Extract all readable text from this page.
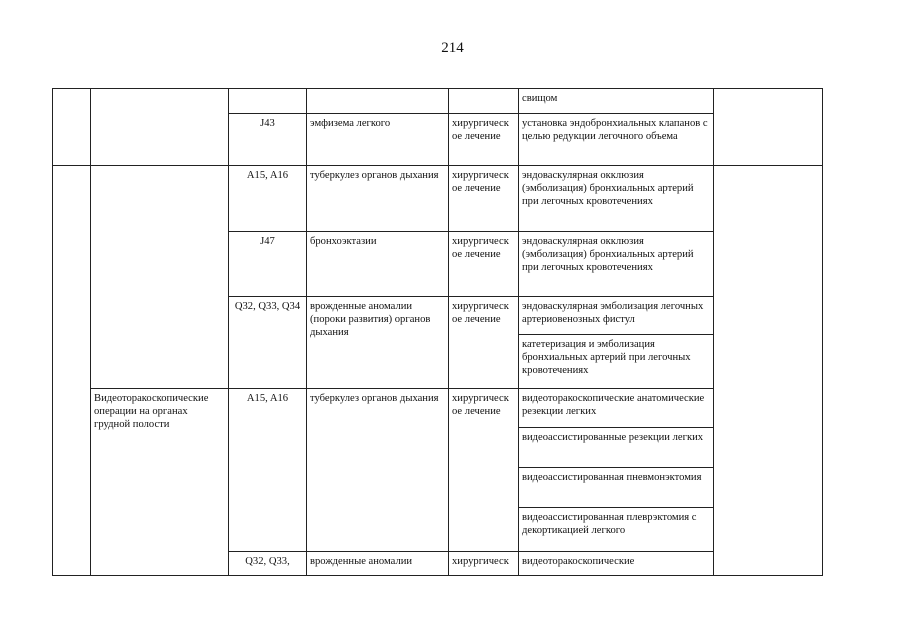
214

					свищом	

		J43	эмфизема легкого	хирургическ ое лечение	установка эндобронхиальных клапанов с целью редукции легочного объема	

		A15, A16	туберкулез органов дыхания	хирургическ ое лечение	эндоваскулярная окклюзия (эмболизация) бронхиальных артерий при легочных кровотечениях	

		J47	бронхоэктазии	хирургическ ое лечение	эндоваскулярная окклюзия (эмболизация) бронхиальных артерий при легочных кровотечениях	

		Q32, Q33, Q34	врожденные аномалии (пороки развития) органов дыхания	хирургическ ое лечение	эндоваскулярная эмболизация легочных артериовенозных фистул
катетеризация и эмболизация бронхиальных артерий при легочных кровотечениях	

	Видеоторакоскопические операции на органах грудной полости	A15, A16	туберкулез органов дыхания	хирургическ ое лечение	видеоторакоскопические анатомические резекции легких
видеоассистированные резекции легких
видеоассистированная пневмонэктомия
видеоассистированная плеврэктомия с декортикацией легкого	

		Q32, Q33,	врожденные аномалии	хирургическ	видеоторакоскопические	
